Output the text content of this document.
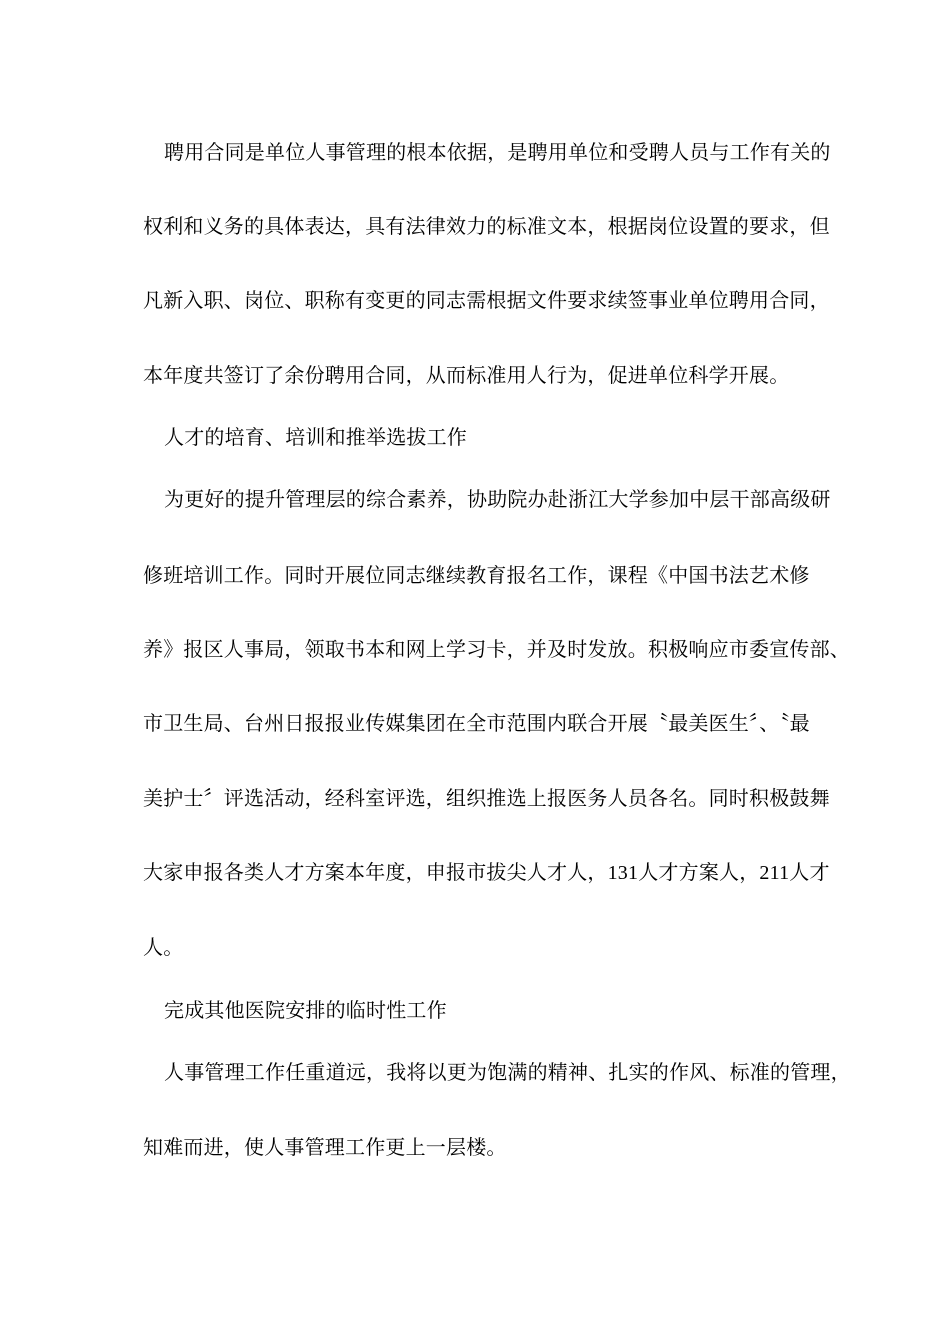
聘用合同是单位人事管理的根本依据，是聘用单位和受聘人员与工作有关的
权利和义务的具体表达，具有法律效力的标准文本，根据岗位设置的要求，但
凡新入职、岗位、职称有变更的同志需根据文件要求续签事业单位聘用合同，
本年度共签订了余份聘用合同，从而标准用人行为，促进单位科学开展。
人才的培育、培训和推举选拔工作
为更好的提升管理层的综合素养，协助院办赴浙江大学参加中层干部高级研
修班培训工作。同时开展位同志继续教育报名工作，课程《中国书法艺术修
养》报区人事局，领取书本和网上学习卡，并及时发放。积极响应市委宣传部、
市卫生局、台州日报报业传媒集团在全市范围内联合开展〝最美医生〞、〝最
美护士〞评选活动，经科室评选，组织推选上报医务人员各名。同时积极鼓舞
大家申报各类人才方案本年度，申报市拔尖人才人，131人才方案人，211人才
人。
完成其他医院安排的临时性工作
人事管理工作任重道远，我将以更为饱满的精神、扎实的作风、标准的管理，
知难而进，使人事管理工作更上一层楼。
